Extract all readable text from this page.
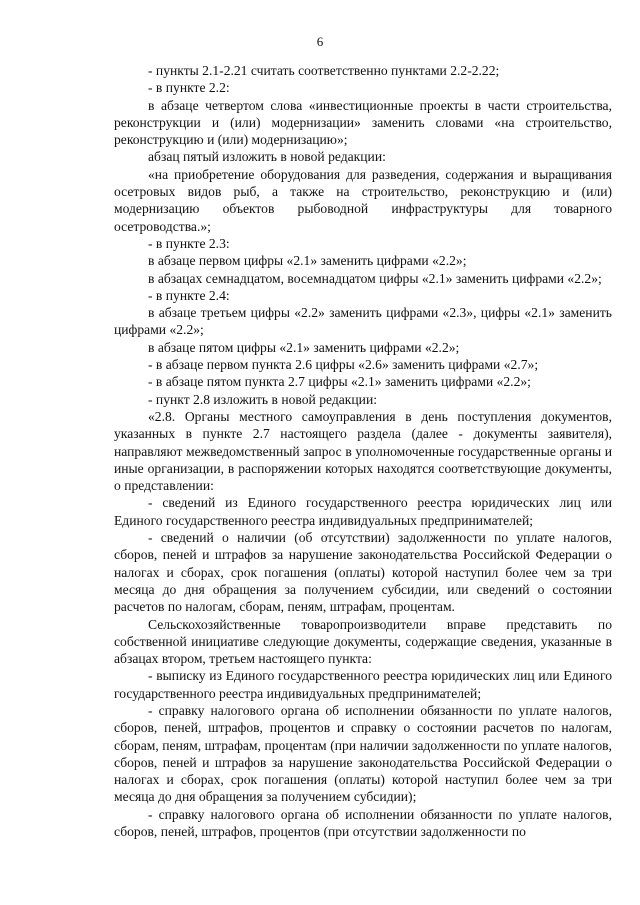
6

- пункты 2.1-2.21 считать соответственно пунктами 2.2-2.22;

- в пункте 2.2:

в абзаце четвертом слова «инвестиционные проекты в части строительства, реконструкции и (или) модернизации» заменить словами «на строительство, реконструкцию и (или) модернизацию»;

абзац пятый изложить в новой редакции:

«на приобретение оборудования для разведения, содержания и выращивания осетровых видов рыб, а также на строительство, реконструкцию и (или) модернизацию объектов рыбоводной инфраструктуры для товарного осетроводства.»;

- в пункте 2.3:

в абзаце первом цифры «2.1» заменить цифрами «2.2»;

в абзацах семнадцатом, восемнадцатом цифры «2.1» заменить цифрами «2.2»;

- в пункте 2.4:

в абзаце третьем цифры «2.2» заменить цифрами «2.3», цифры «2.1» заменить цифрами «2.2»;

в абзаце пятом цифры «2.1» заменить цифрами «2.2»;

- в абзаце первом пункта 2.6 цифры «2.6» заменить цифрами «2.7»;

- в абзаце пятом пункта 2.7 цифры «2.1» заменить цифрами «2.2»;

- пункт 2.8 изложить в новой редакции:

«2.8. Органы местного самоуправления в день поступления документов, указанных в пункте 2.7 настоящего раздела (далее - документы заявителя), направляют межведомственный запрос в уполномоченные государственные органы и иные организации, в распоряжении которых находятся соответствующие документы, о представлении:

- сведений из Единого государственного реестра юридических лиц или Единого государственного реестра индивидуальных предпринимателей;

- сведений о наличии (об отсутствии) задолженности по уплате налогов, сборов, пеней и штрафов за нарушение законодательства Российской Федерации о налогах и сборах, срок погашения (оплаты) которой наступил более чем за три месяца до дня обращения за получением субсидии, или сведений о состоянии расчетов по налогам, сборам, пеням, штрафам, процентам.

Сельскохозяйственные товаропроизводители вправе представить по собственной инициативе следующие документы, содержащие сведения, указанные в абзацах втором, третьем настоящего пункта:

- выписку из Единого государственного реестра юридических лиц или Единого государственного реестра индивидуальных предпринимателей;

- справку налогового органа об исполнении обязанности по уплате налогов, сборов, пеней, штрафов, процентов и справку о состоянии расчетов по налогам, сборам, пеням, штрафам, процентам (при наличии задолженности по уплате налогов, сборов, пеней и штрафов за нарушение законодательства Российской Федерации о налогах и сборах, срок погашения (оплаты) которой наступил более чем за три месяца до дня обращения за получением субсидии);

- справку налогового органа об исполнении обязанности по уплате налогов, сборов, пеней, штрафов, процентов (при отсутствии задолженности по
